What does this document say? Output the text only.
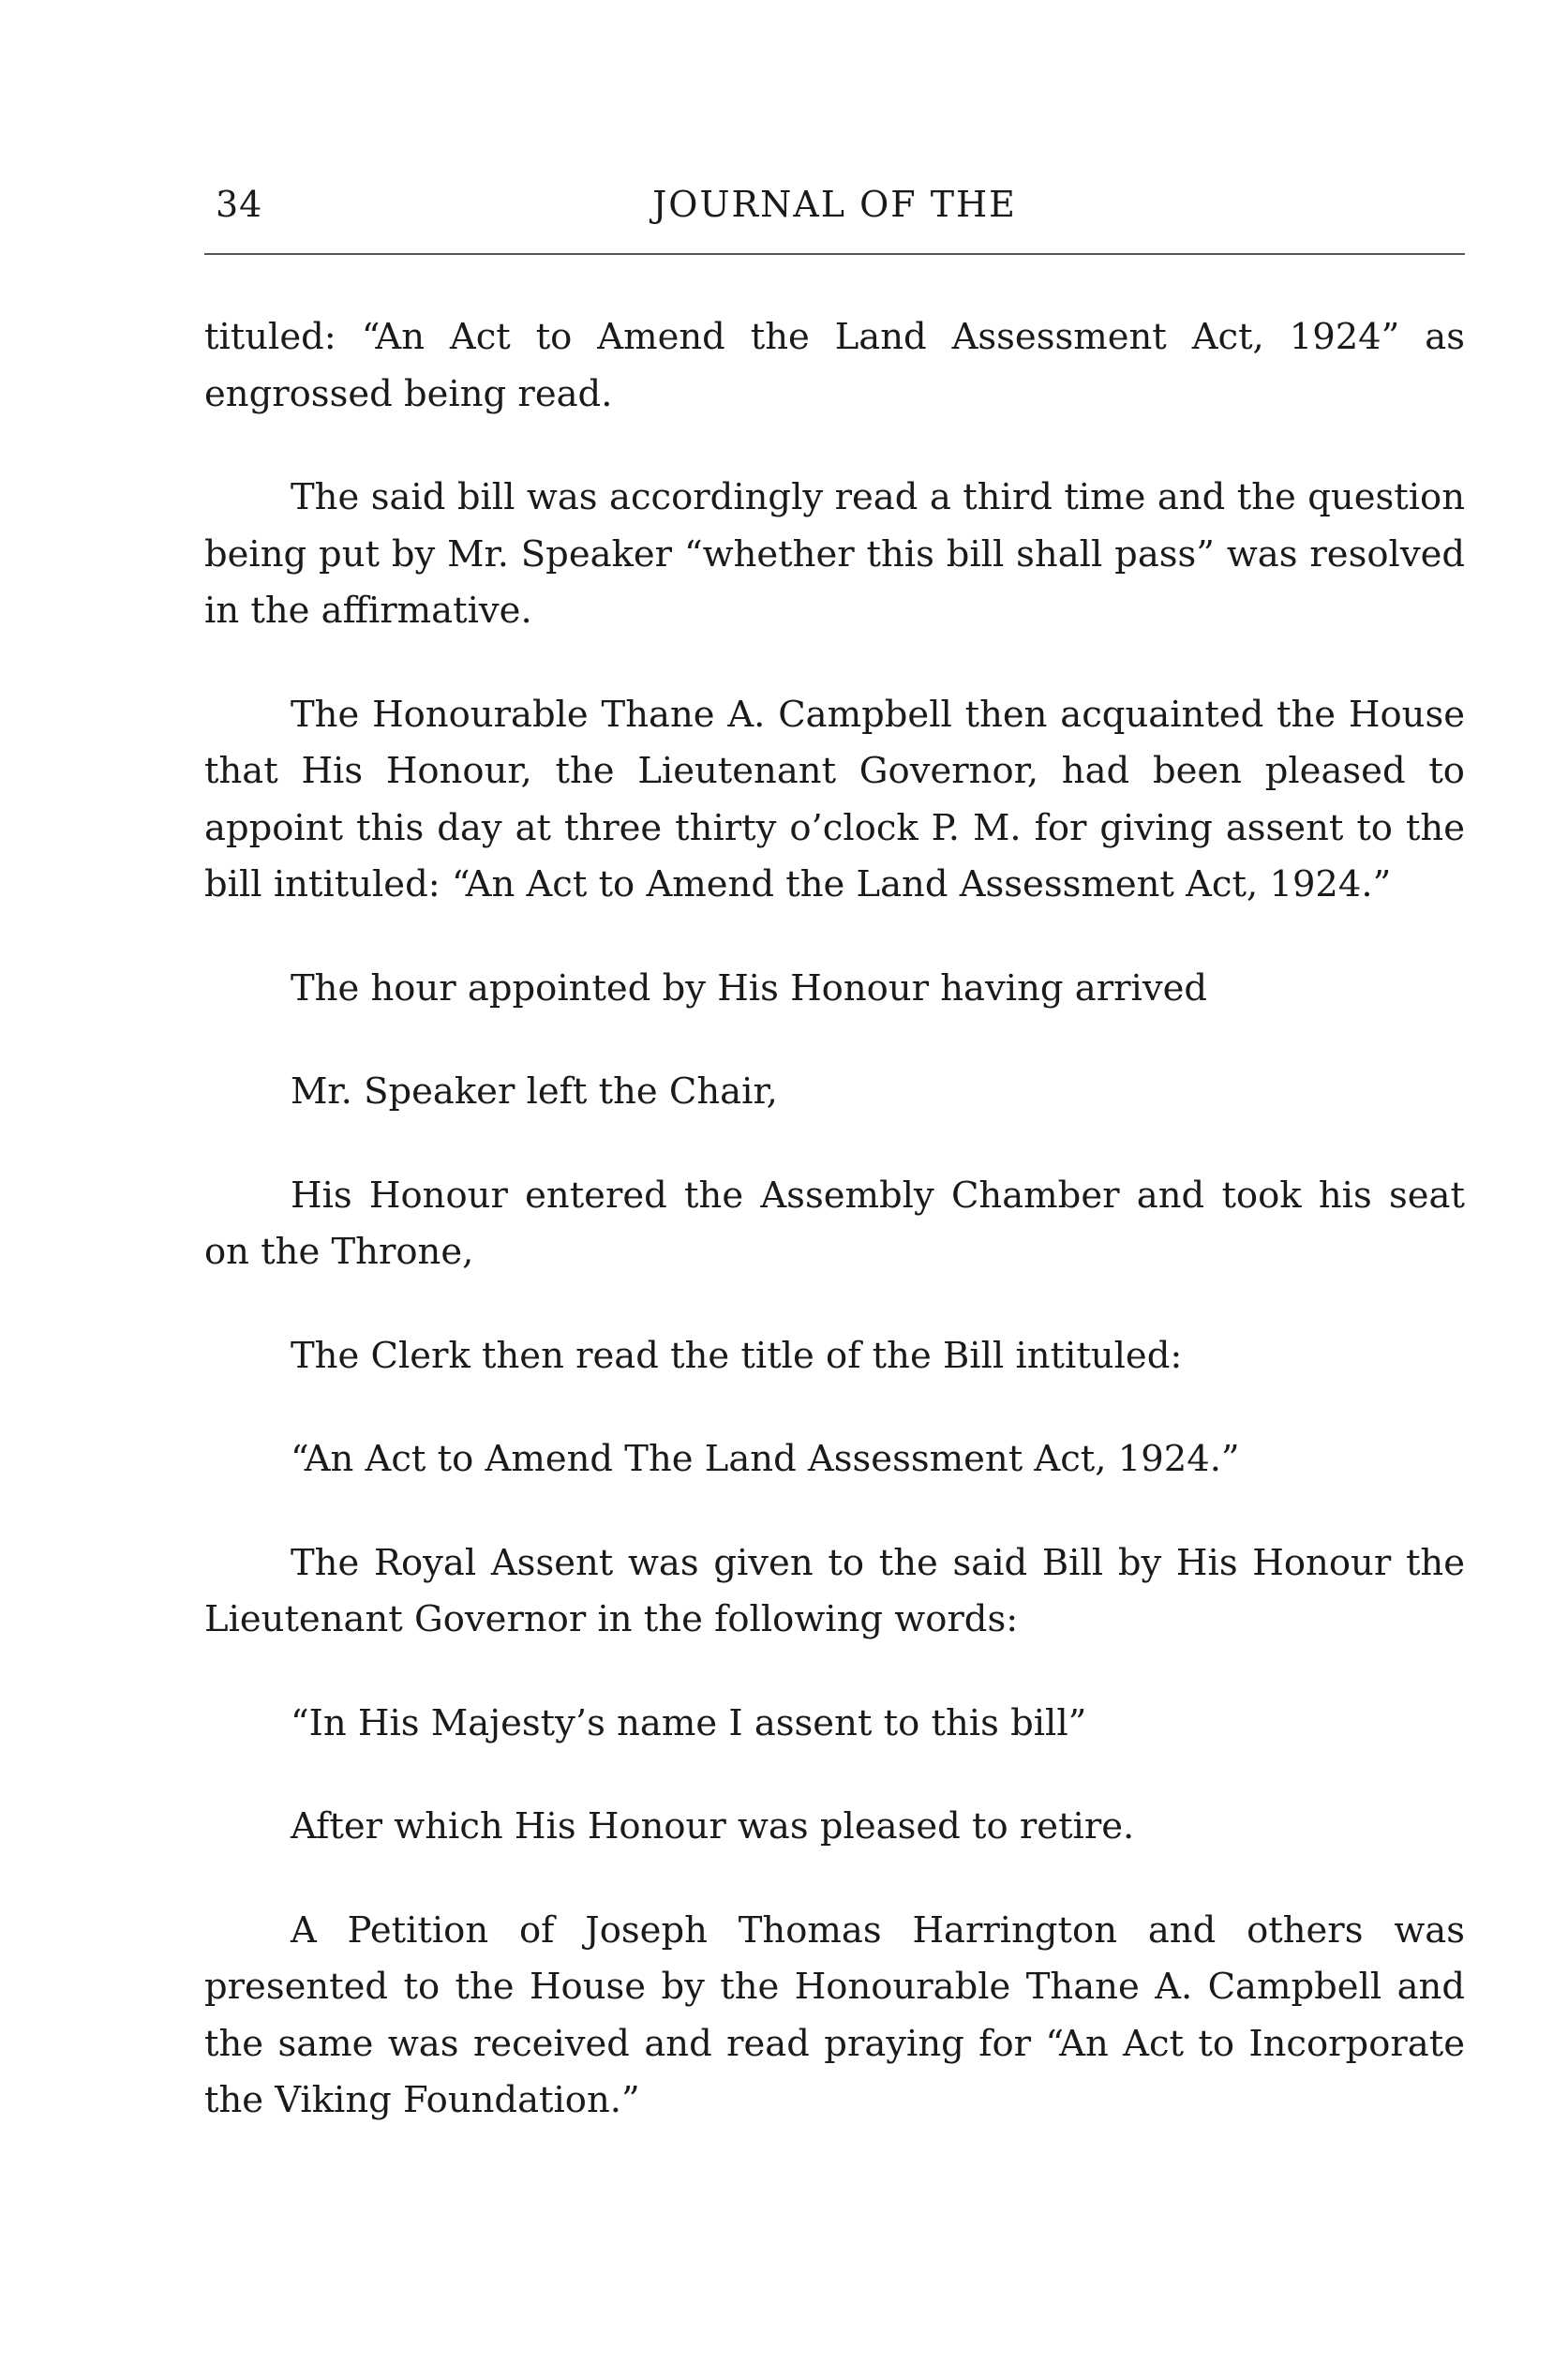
34	JOURNAL OF THE

tituled: “An Act to Amend the Land Assessment Act, 1924” as engrossed being read.

The said bill was accordingly read a third time and the question being put by Mr. Speaker “whether this bill shall pass” was resolved in the affirmative.

The Honourable Thane A. Campbell then acquainted the House that His Honour, the Lieutenant Governor, had been pleased to appoint this day at three thirty o’clock P. M. for giving assent to the bill intituled: “An Act to Amend the Land Assessment Act, 1924.”

The hour appointed by His Honour having arrived

Mr. Speaker left the Chair,

His Honour entered the Assembly Chamber and took his seat on the Throne,

The Clerk then read the title of the Bill intituled:

“An Act to Amend The Land Assessment Act, 1924.”

The Royal Assent was given to the said Bill by His Honour the Lieutenant Governor in the following words:

“In His Majesty’s name I assent to this bill”

After which His Honour was pleased to retire.

A Petition of Joseph Thomas Harrington and others was presented to the House by the Honourable Thane A. Campbell and the same was received and read praying for “An Act to Incorporate the Viking Foundation.”
